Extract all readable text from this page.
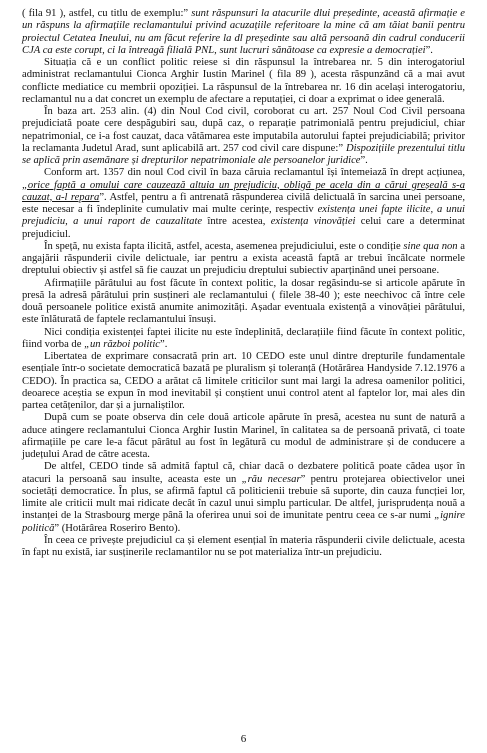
( fila 91 ), astfel, cu titlu de exemplu:” sunt răspunsuri la atacurile dlui președinte, această afirmație e un răspuns la afirmațiile reclamantului privind acuzațiile referitoare la mine că am tăiat banii pentru proiectul Cetatea Ineului, nu am făcut referire la dl președinte sau altă persoană din cadrul conducerii CJA ca este corupt, ci la întreagă filială PNL, sunt lucruri sănătoase ca expresie a democrației”.

Situația că e un conflict politic reiese si din răspunsul la întrebarea nr. 5 din interogatoriul administrat reclamantului Cionca Arghir Iustin Marinel ( fila 89 ), acesta răspunzând că a mai avut conflicte mediatice cu membrii opoziției. La răspunsul de la întrebarea nr. 16 din același interogatoriu, reclamantul nu a dat concret un exemplu de afectare a reputației, ci doar a exprimat o idee generală.

În baza art. 253 alin. (4) din Noul Cod civil, coroborat cu art. 257 Noul Cod Civil persoana prejudiciată poate cere despăgubiri sau, după caz, o reparație patrimonială pentru prejudiciul, chiar nepatrimonial, ce i-a fost cauzat, daca vătămarea este imputabila autorului faptei prejudiciabilă; privitor la reclamanta Judetul Arad, sunt aplicabilă art. 257 cod civil care dispune:” Dispozițiile prezentului titlu se aplică prin asemănare și drepturilor nepatrimoniale ale persoanelor juridice”.

Conform art. 1357 din noul Cod civil în baza căruia reclamantul își întemeiază în drept acțiunea, „orice faptă a omului care cauzează altuia un prejudiciu, obligă pe acela din a cărui greșeală s-a cauzat, a-l repara”. Astfel, pentru a fi antrenată răspunderea civilă delictuală în sarcina unei persoane, este necesar a fi îndeplinite cumulativ mai multe cerințe, respectiv existența unei fapte ilicite, a unui prejudiciu, a unui raport de cauzalitate între acestea, existența vinovăției celui care a determinat prejudiciul.

În speță, nu exista fapta ilicită, astfel, acesta, asemenea prejudiciului, este o condiție sine qua non a angajării răspunderii civile delictuale, iar pentru a exista această faptă ar trebui încălcate normele dreptului obiectiv și astfel să fie cauzat un prejudiciu dreptului subiectiv aparținând unei persoane.

Afirmațiile pârâtului au fost făcute în context politic, la dosar regăsindu-se si articole apărute în presă la adresă pârâtului prin susțineri ale reclamantului ( filele 38-40 ); este neechivoc că între cele două persoanele politice există anumite animozități. Așadar eventuala existență a vinovăției pârâtului, este înlăturată de faptele reclamantului însuși.

Nici condiția existenței faptei ilicite nu este îndeplinită, declarațiile fiind făcute în context politic, fiind vorba de „un război politic”.

Libertatea de exprimare consacrată prin art. 10 CEDO este unul dintre drepturile fundamentale esențiale într-o societate democratică bazată pe pluralism și toleranță (Hotărârea Handyside 7.12.1976 a CEDO). În practica sa, CEDO a arătat că limitele criticilor sunt mai largi la adresa oamenilor politici, deoarece aceștia se expun în mod inevitabil și conștient unui control atent al faptelor lor, mai ales din partea cetățenilor, dar și a jurnaliștilor.

După cum se poate observa din cele două articole apărute în presă, acestea nu sunt de natură a aduce atingere reclamantului Cionca Arghir Iustin Marinel, în calitatea sa de persoană privată, ci toate afirmațiile pe care le-a făcut pârâtul au fost în legătură cu modul de administrare și de conducere a județului Arad de către acesta.

De altfel, CEDO tinde să admită faptul că, chiar dacă o dezbatere politică poate cădea ușor în atacuri la persoană sau insulte, aceasta este un „rău necesar” pentru protejarea obiectivelor unei societăți democratice. În plus, se afirmă faptul că politicienii trebuie să suporte, din cauza funcției lor, limite ale criticii mult mai ridicate decât în cazul unui simplu particular. De altfel, jurisprudența nouă a instanței de la Strasbourg merge până la oferirea unui soi de imunitate pentru ceea ce s-ar numi „ignire politică” (Hotărârea Roseriro Bento).

În ceea ce privește prejudiciul ca și element esențial în materia răspunderii civile delictuale, acesta în fapt nu există, iar susținerile reclamantilor nu se pot materializa într-un prejudiciu.

6
